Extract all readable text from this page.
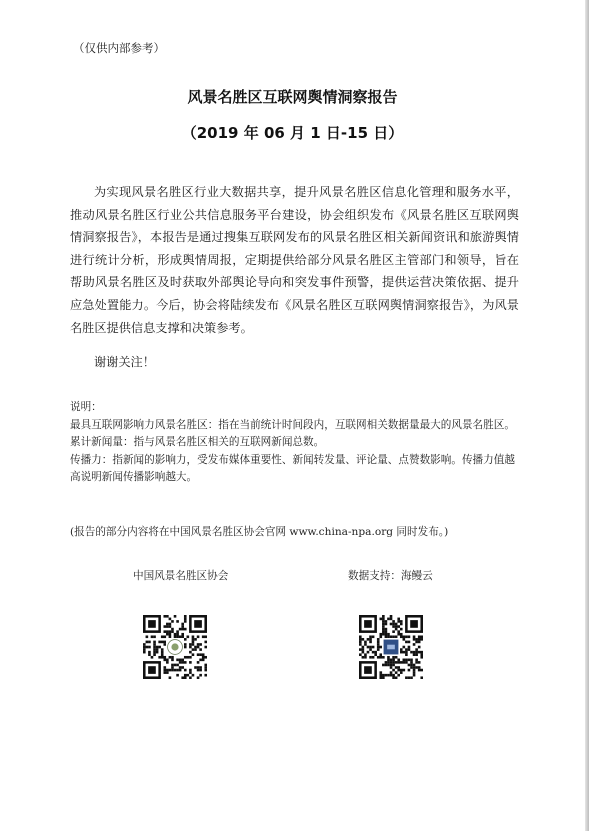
（仅供内部参考）
风景名胜区互联网舆情洞察报告
（2019 年 06 月 1 日-15 日）

为实现风景名胜区行业大数据共享，提升风景名胜区信息化管理和服务水平，推动风景名胜区行业公共信息服务平台建设，协会组织发布《风景名胜区互联网舆情洞察报告》，本报告是通过搜集互联网发布的风景名胜区相关新闻资讯和旅游舆情进行统计分析，形成舆情周报，定期提供给部分风景名胜区主管部门和领导，旨在帮助风景名胜区及时获取外部舆论导向和突发事件预警，提供运营决策依据、提升应急处置能力。今后，协会将陆续发布《风景名胜区互联网舆情洞察报告》，为风景名胜区提供信息支撑和决策参考。

谢谢关注！

说明：

最具互联网影响力风景名胜区：指在当前统计时间段内，互联网相关数据量最大的风景名胜区。

累计新闻量：指与风景名胜区相关的互联网新闻总数。

传播力：指新闻的影响力，受发布媒体重要性、新闻转发量、评论量、点赞数影响。传播力值越高说明新闻传播影响越大。

(报告的部分内容将在中国风景名胜区协会官网 www.china-npa.org 同时发布。)
中国风景名胜区协会	数据支持：海鳗云
